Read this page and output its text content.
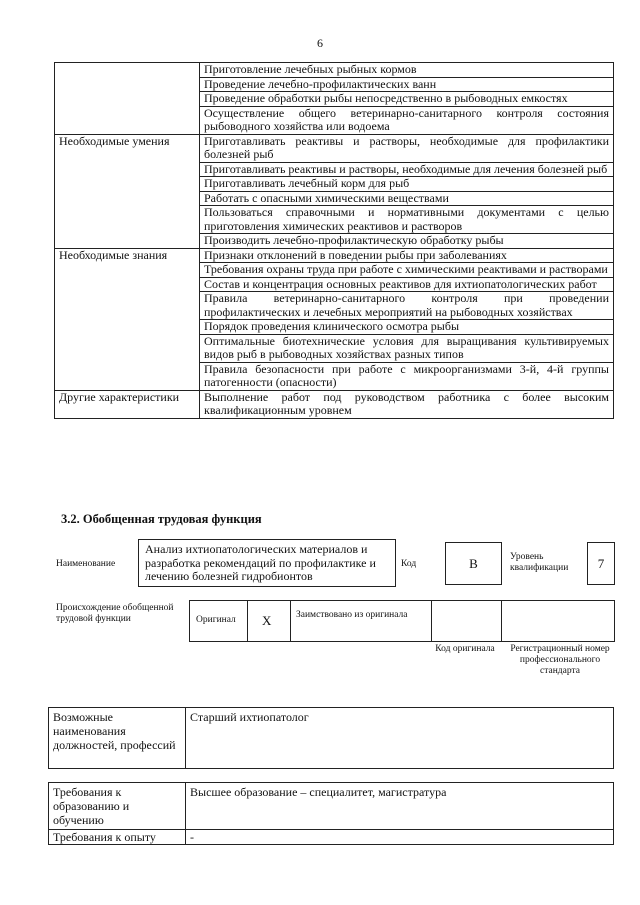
6
	Приготовление лечебных рыбных кормов
	Проведение лечебно-профилактических ванн
	Проведение обработки рыбы непосредственно в рыбоводных емкостях
	Осуществление общего ветеринарно-санитарного контроля состояния рыбоводного хозяйства или водоема
Необходимые умения	Приготавливать реактивы и растворы, необходимые для профилактики болезней рыб
	Приготавливать реактивы и растворы, необходимые для лечения болезней рыб
	Приготавливать лечебный корм для рыб
	Работать с опасными химическими веществами
	Пользоваться справочными и нормативными документами с целью приготовления химических реактивов и растворов
	Производить лечебно-профилактическую обработку рыбы
Необходимые знания	Признаки отклонений в поведении рыбы при заболеваниях
	Требования охраны труда при работе с химическими реактивами и растворами
	Состав и концентрация основных реактивов для ихтиопатологических работ
	Правила ветеринарно-санитарного контроля при проведении профилактических и лечебных мероприятий на рыбоводных хозяйствах
	Порядок проведения клинического осмотра рыбы
	Оптимальные биотехнические условия для выращивания культивируемых видов рыб в рыбоводных хозяйствах разных типов
	Правила безопасности при работе с микроорганизмами 3-й, 4-й группы патогенности (опасности)
Другие характеристики	Выполнение работ под руководством работника с более высоким квалификационным уровнем
3.2. Обобщенная трудовая функция
Наименование
Анализ ихтиопатологических материалов и разработка рекомендаций по профилактике и лечению болезней гидробионтов
Код	B	Уровень квалификации	7
Происхождение обобщенной трудовой функции	Оригинал X	Заимствовано из оригинала
Код оригинала	Регистрационный номер профессионального стандарта
Возможные наименования должностей, профессий	Старший ихтиопатолог
Требования к образованию и обучению	Высшее образование – специалитет, магистратура
Требования к опыту	-
